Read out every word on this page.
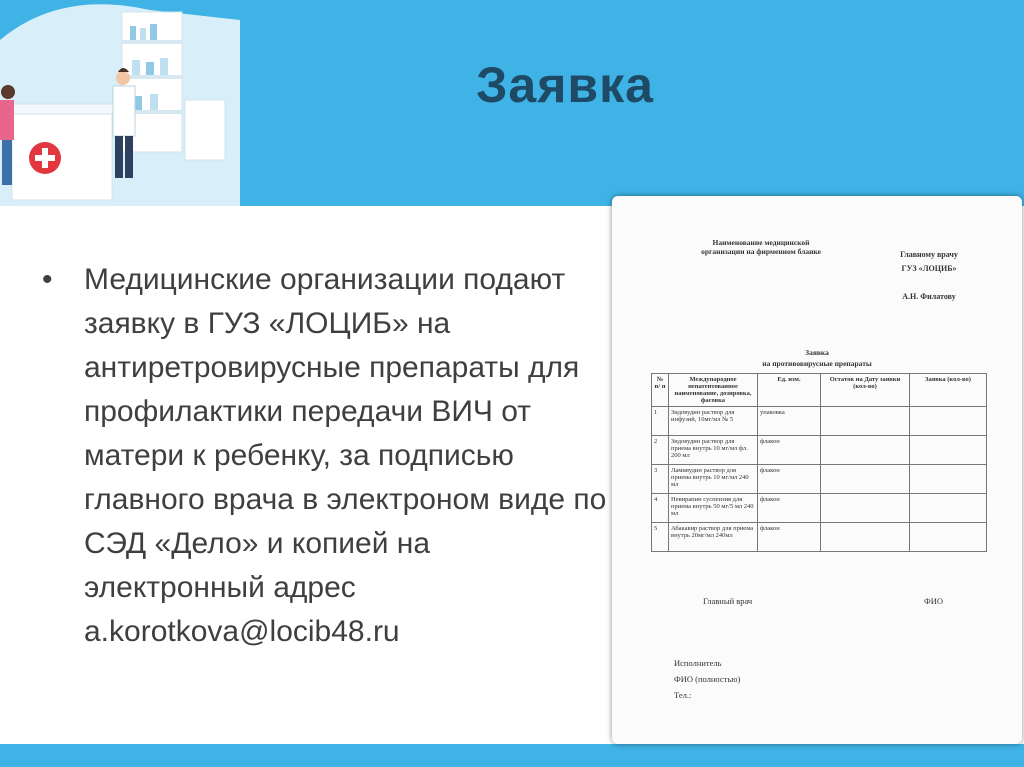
Заявка
• Медицинские организации подают заявку в ГУЗ «ЛОЦИБ» на антиретровирусные препараты для профилактики передачи ВИЧ от матери к ребенку, за подписью главного врача в электроном виде по СЭД «Дело» и копией на электронный адрес a.korotkova@locib48.ru
Наименование медицинской организации на фирменном бланке	Главному врачу
ГУЗ «ЛОЦИБ»
А.Н. Филатову
Заявка
на противовирусные препараты
№ п/ п	Международное непатентованное наименование, дозировка, фасовка	Ед. изм.	Остаток на Дату заявки (кол-во)	Заявка (кол-во)
1	Зидовудин раствор для инфузий, 10мг/мл № 5	упаковка		
2	Зидовудин раствор для приема внутрь 10 мг/мл фл. 200 мл	флакон		
3	Ламивудин раствор для приема внутрь 10 мг/мл 240 мл	флакон		
4	Невирапин суспензия для приема внутрь 50 мг/5 мл 240 мл	флакон		
5	Абакавир раствор для приема внутрь 20мг/мл 240мл	флакон		
Главный врач	ФИО
Исполнитель
ФИО (полностью)
Тел.:
